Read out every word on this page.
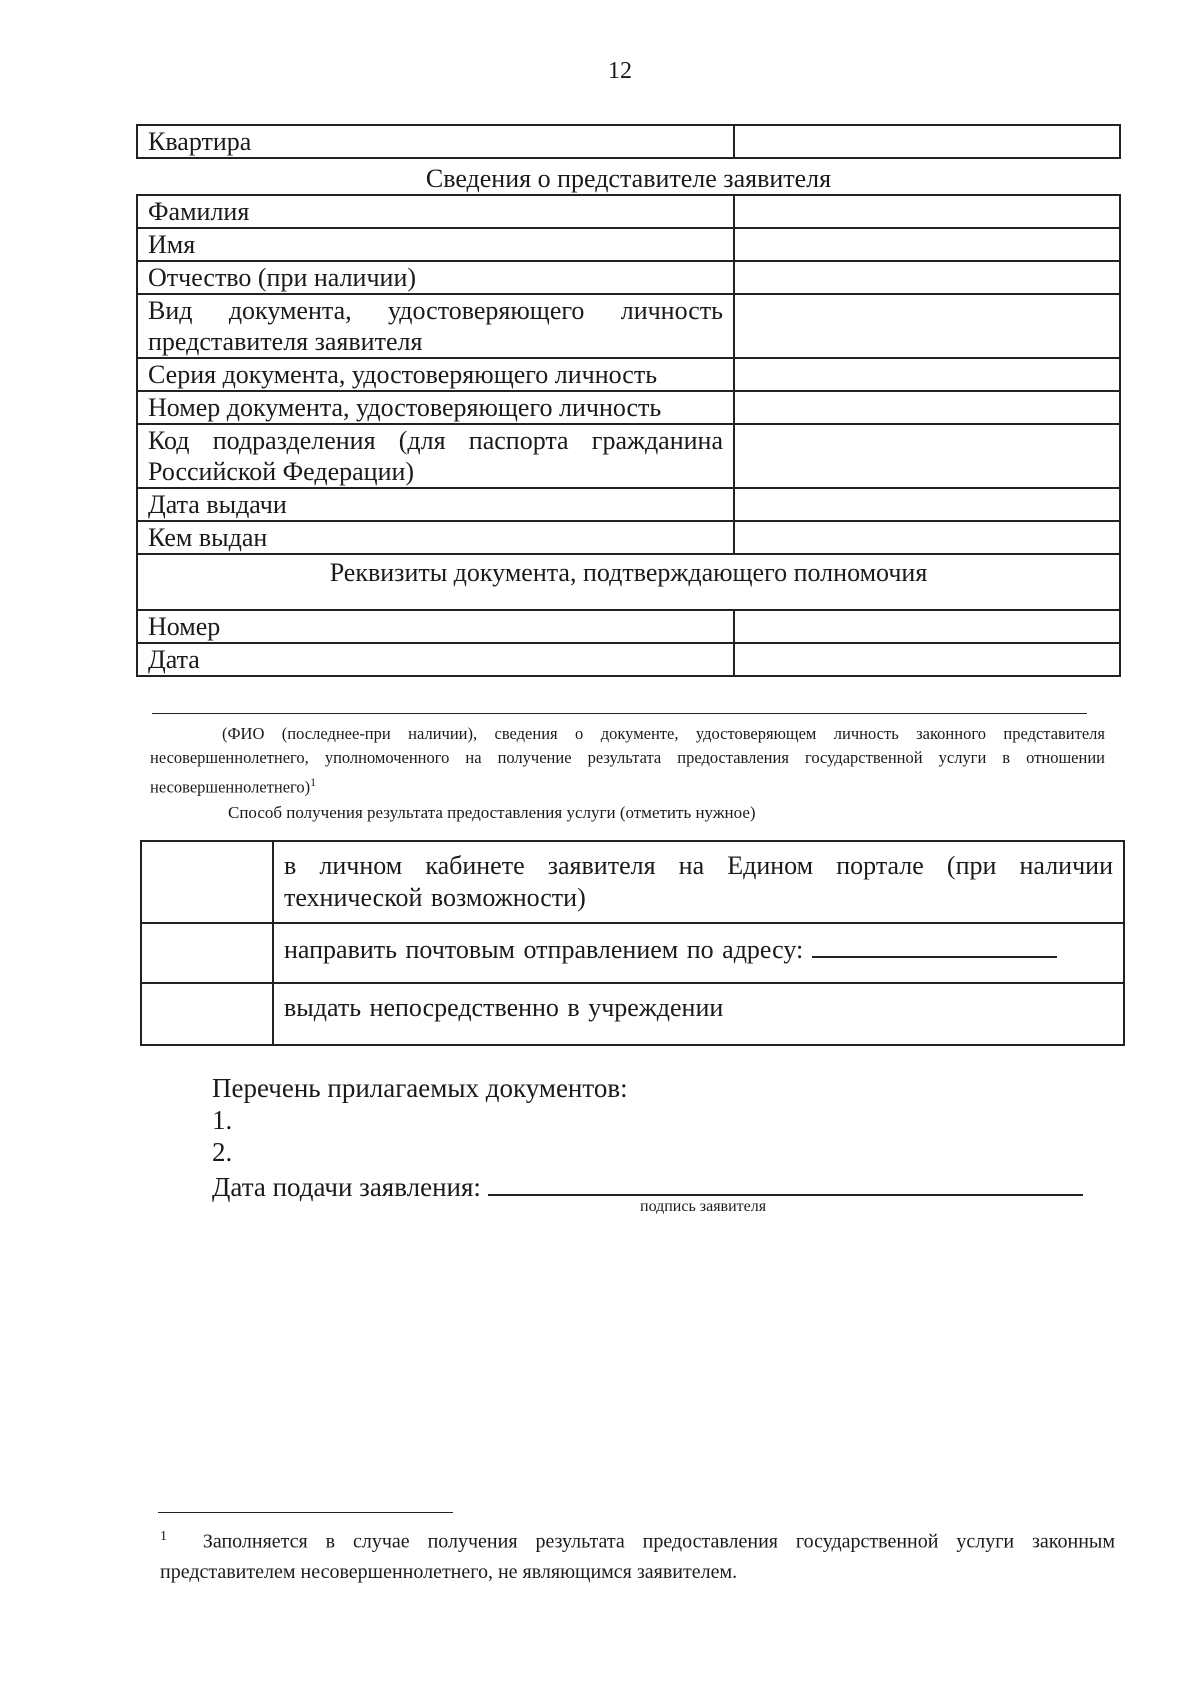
12
Квартира	
Сведения о представителе заявителя	
Фамилия	
Имя	
Отчество (при наличии)	
Вид документа, удостоверяющего личность представителя заявителя	
Серия документа, удостоверяющего личность	
Номер документа, удостоверяющего личность	
Код подразделения (для паспорта гражданина Российской Федерации)	
Дата выдачи	
Кем выдан	
Реквизиты документа, подтверждающего полномочия	
Номер	
Дата	
(ФИО (последнее-при наличии), сведения о документе, удостоверяющем личность законного представителя несовершеннолетнего, уполномоченного на получение результата предоставления государственной услуги в отношении несовершеннолетнего)$^1$
Способ получения результата предоставления услуги (отметить нужное)
	в личном кабинете заявителя на Едином портале (при наличии технической возможности)
	направить почтовым отправлением по адресу:
	выдать непосредственно в учреждении
Перечень прилагаемых документов:
1.
2.
Дата подачи заявления:
подпись заявителя
$^1$ Заполняется в случае получения результата предоставления государственной услуги законным представителем несовершеннолетнего, не являющимся заявителем.
